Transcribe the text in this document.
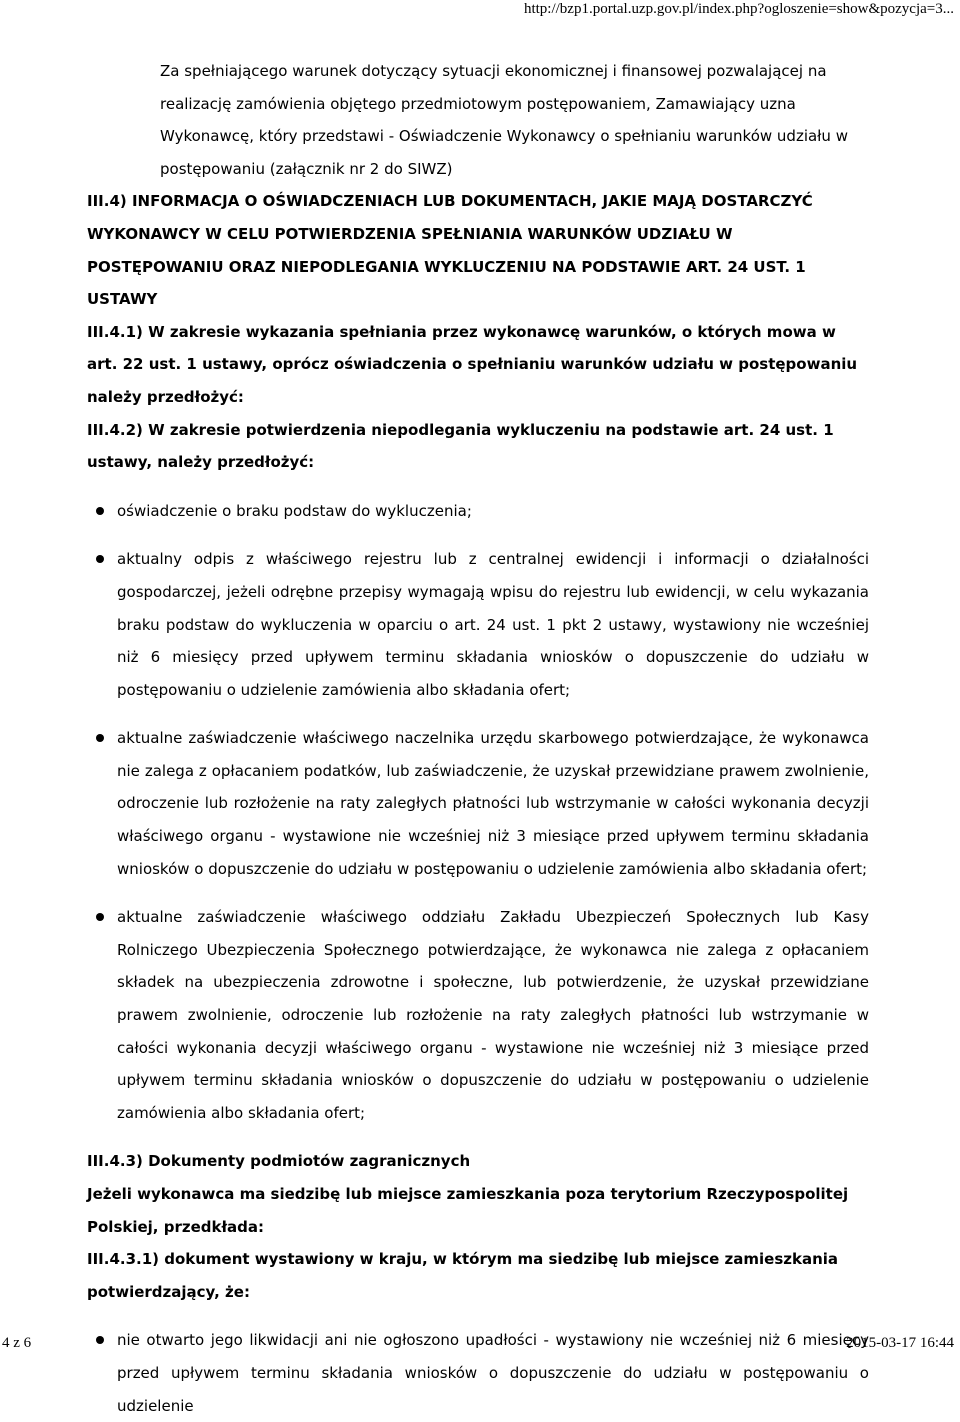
http://bzp1.portal.uzp.gov.pl/index.php?ogloszenie=show&pozycja=3...

Za spełniającego warunek dotyczący sytuacji ekonomicznej i finansowej pozwalającej na realizację zamówienia objętego przedmiotowym postępowaniem, Zamawiający uzna Wykonawcę, który przedstawi - Oświadczenie Wykonawcy o spełnianiu warunków udziału w postępowaniu (załącznik nr 2 do SIWZ)

III.4) INFORMACJA O OŚWIADCZENIACH LUB DOKUMENTACH, JAKIE MAJĄ DOSTARCZYĆ WYKONAWCY W CELU POTWIERDZENIA SPEŁNIANIA WARUNKÓW UDZIAŁU W POSTĘPOWANIU ORAZ NIEPODLEGANIA WYKLUCZENIU NA PODSTAWIE ART. 24 UST. 1 USTAWY

III.4.1) W zakresie wykazania spełniania przez wykonawcę warunków, o których mowa w art. 22 ust. 1 ustawy, oprócz oświadczenia o spełnianiu warunków udziału w postępowaniu należy przedłożyć:

III.4.2) W zakresie potwierdzenia niepodlegania wykluczeniu na podstawie art. 24 ust. 1 ustawy, należy przedłożyć:

oświadczenie o braku podstaw do wykluczenia;
aktualny odpis z właściwego rejestru lub z centralnej ewidencji i informacji o działalności gospodarczej, jeżeli odrębne przepisy wymagają wpisu do rejestru lub ewidencji, w celu wykazania braku podstaw do wykluczenia w oparciu o art. 24 ust. 1 pkt 2 ustawy, wystawiony nie wcześniej niż 6 miesięcy przed upływem terminu składania wniosków o dopuszczenie do udziału w postępowaniu o udzielenie zamówienia albo składania ofert;
aktualne zaświadczenie właściwego naczelnika urzędu skarbowego potwierdzające, że wykonawca nie zalega z opłacaniem podatków, lub zaświadczenie, że uzyskał przewidziane prawem zwolnienie, odroczenie lub rozłożenie na raty zaległych płatności lub wstrzymanie w całości wykonania decyzji właściwego organu - wystawione nie wcześniej niż 3 miesiące przed upływem terminu składania wniosków o dopuszczenie do udziału w postępowaniu o udzielenie zamówienia albo składania ofert;
aktualne zaświadczenie właściwego oddziału Zakładu Ubezpieczeń Społecznych lub Kasy Rolniczego Ubezpieczenia Społecznego potwierdzające, że wykonawca nie zalega z opłacaniem składek na ubezpieczenia zdrowotne i społeczne, lub potwierdzenie, że uzyskał przewidziane prawem zwolnienie, odroczenie lub rozłożenie na raty zaległych płatności lub wstrzymanie w całości wykonania decyzji właściwego organu - wystawione nie wcześniej niż 3 miesiące przed upływem terminu składania wniosków o dopuszczenie do udziału w postępowaniu o udzielenie zamówienia albo składania ofert;

III.4.3) Dokumenty podmiotów zagranicznych

Jeżeli wykonawca ma siedzibę lub miejsce zamieszkania poza terytorium Rzeczypospolitej Polskiej, przedkłada:

III.4.3.1) dokument wystawiony w kraju, w którym ma siedzibę lub miejsce zamieszkania potwierdzający, że:

nie otwarto jego likwidacji ani nie ogłoszono upadłości - wystawiony nie wcześniej niż 6 miesięcy przed upływem terminu składania wniosków o dopuszczenie do udziału w postępowaniu o udzielenie
4 z 6	2015-03-17 16:44
